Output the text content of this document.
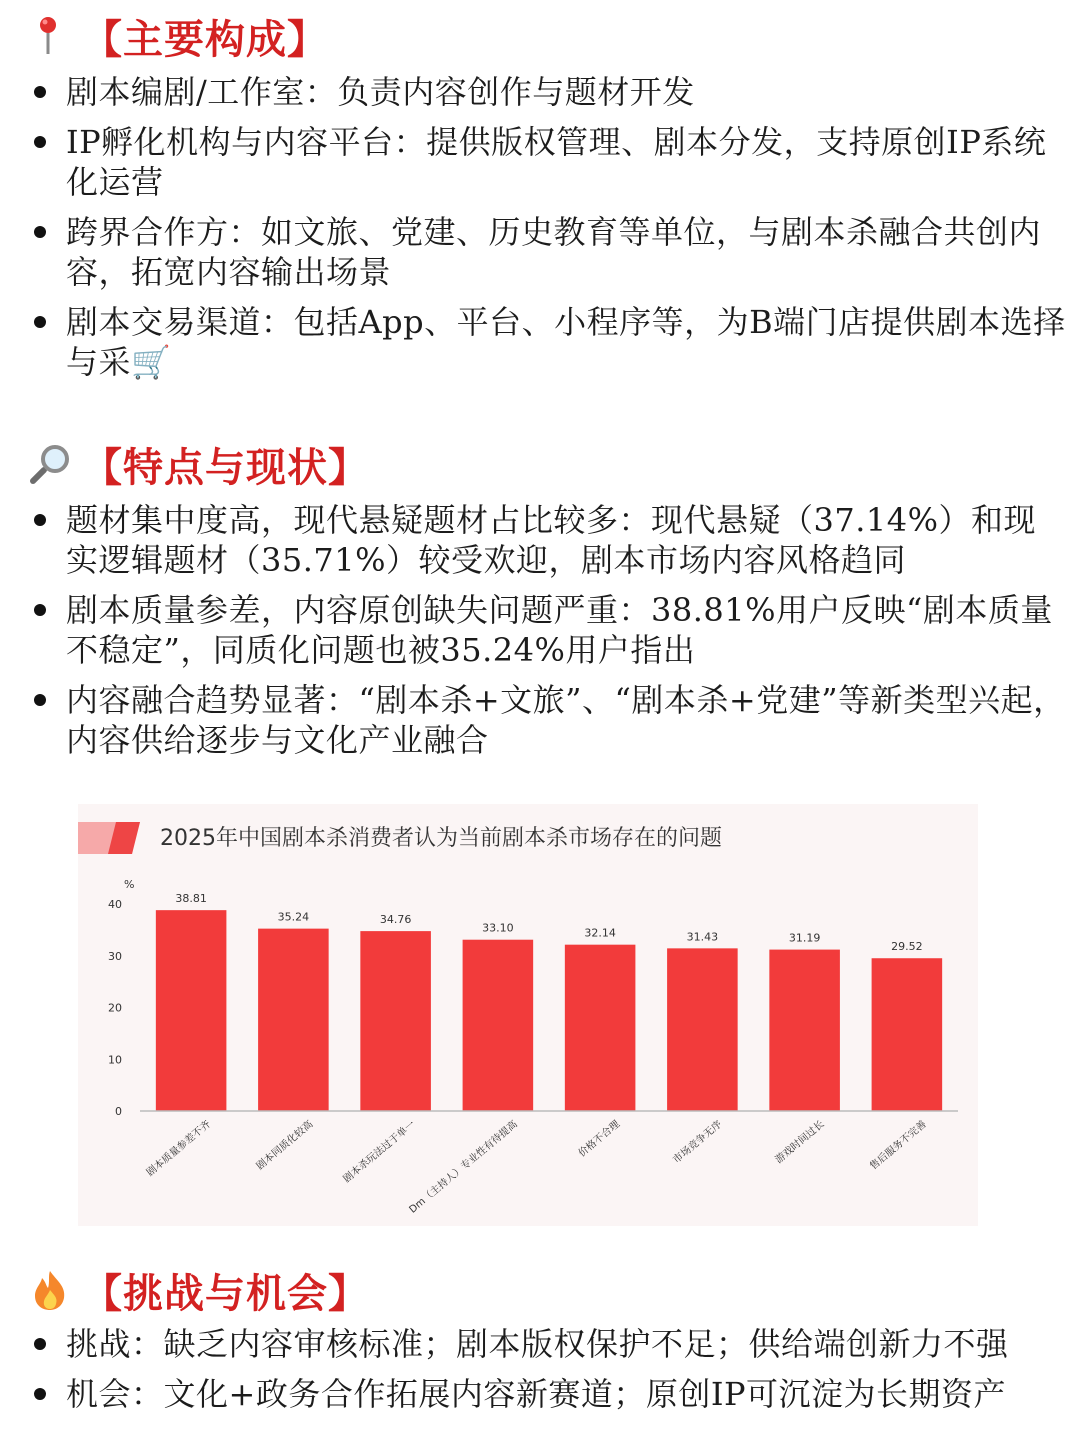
【主要构成】
剧本编剧/工作室：负责内容创作与题材开发
IP孵化机构与内容平台：提供版权管理、剧本分发，支持原创IP系统化运营
跨界合作方：如文旅、党建、历史教育等单位，与剧本杀融合共创内容，拓宽内容输出场景
剧本交易渠道：包括App、平台、小程序等，为B端门店提供剧本选择与采🛒
【特点与现状】
题材集中度高，现代悬疑题材占比较多：现代悬疑（37.14%）和现实逻辑题材（35.71%）较受欢迎，剧本市场内容风格趋同
剧本质量参差，内容原创缺失问题严重：38.81%用户反映“剧本质量不稳定”，同质化问题也被35.24%用户指出
内容融合趋势显著：“剧本杀+文旅”、“剧本杀+党建”等新类型兴起，内容供给逐步与文化产业融合
2025年中国剧本杀消费者认为当前剧本杀市场存在的问题
%
0
10
20
30
40	38.81
35.24	34.76
33.10	32.14	31.43	31.19
29.52
剧本质量参差不齐	剧本同质化较高	剧本杀玩法过于单一
Dm（主持人）专业性有待提高	价格不合理	市场竞争无序	游戏时间过长	售后服务不完善
【挑战与机会】
挑战：缺乏内容审核标准；剧本版权保护不足；供给端创新力不强
机会：文化+政务合作拓展内容新赛道；原创IP可沉淀为长期资产
